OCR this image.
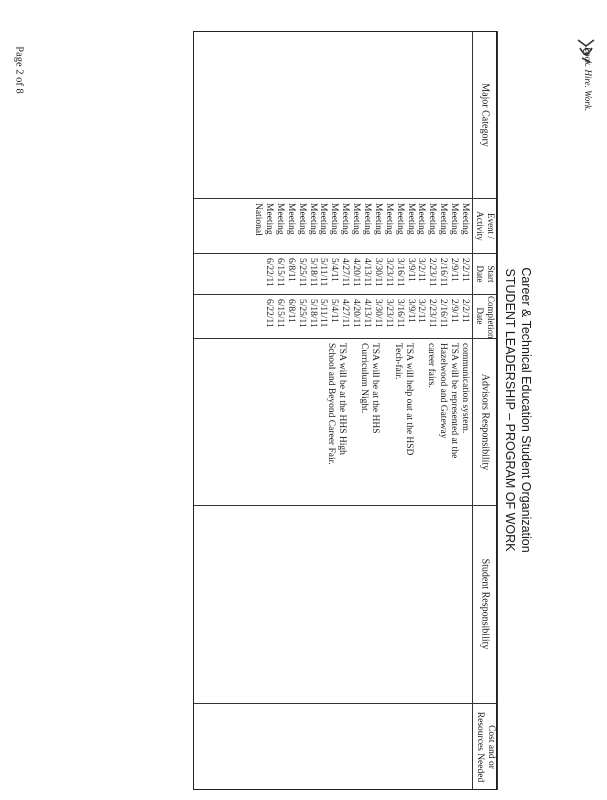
Page 2 of 8	Look. Hire. Work.
Career & Technical Education Student Organization
STUDENT LEADERSHIP – PROGRAM OF WORK
Major Category
Event / Activity
Start Date
Completion Date
Advisors Responsibility
Student Responsibility
Cost and or Resources Needed
Meeting
Meeting
Meeting
Meeting
Meeting
Meeting
Meeting
Meeting
Meeting
Meeting
Meeting
Meeting
Meeting
Meeting
Meeting
Meeting
Meeting
Meeting
Meeting
National
2/2/11
2/9/11
2/16/11
2/23/11
3/2/11
3/9/11
3/16/11
3/23/11
3/30/11
4/13/11
4/20/11
4/27/11
5/4/11
5/11/11
5/18/11
5/25/11
6/8/11
6/15/11
6/22/11
2/2/11
2/9/11
2/16/11
2/23/11
3/2/11
3/9/11
3/16/11
3/23/11
3/30/11
4/13/11
4/20/11
4/27/11
5/4/11
5/11/11
5/18/11
5/25/11
6/8/11
6/15/11
6/22/11
communication system.
TSA will be represented at the
Hazelwood and Gateway
career fairs.
TSA will help out at the HSD
Tech-fair.
TSA will be at the HHS
Curriculum Night.
TSA will be at the HHS High
School and Beyond Career Fair.
